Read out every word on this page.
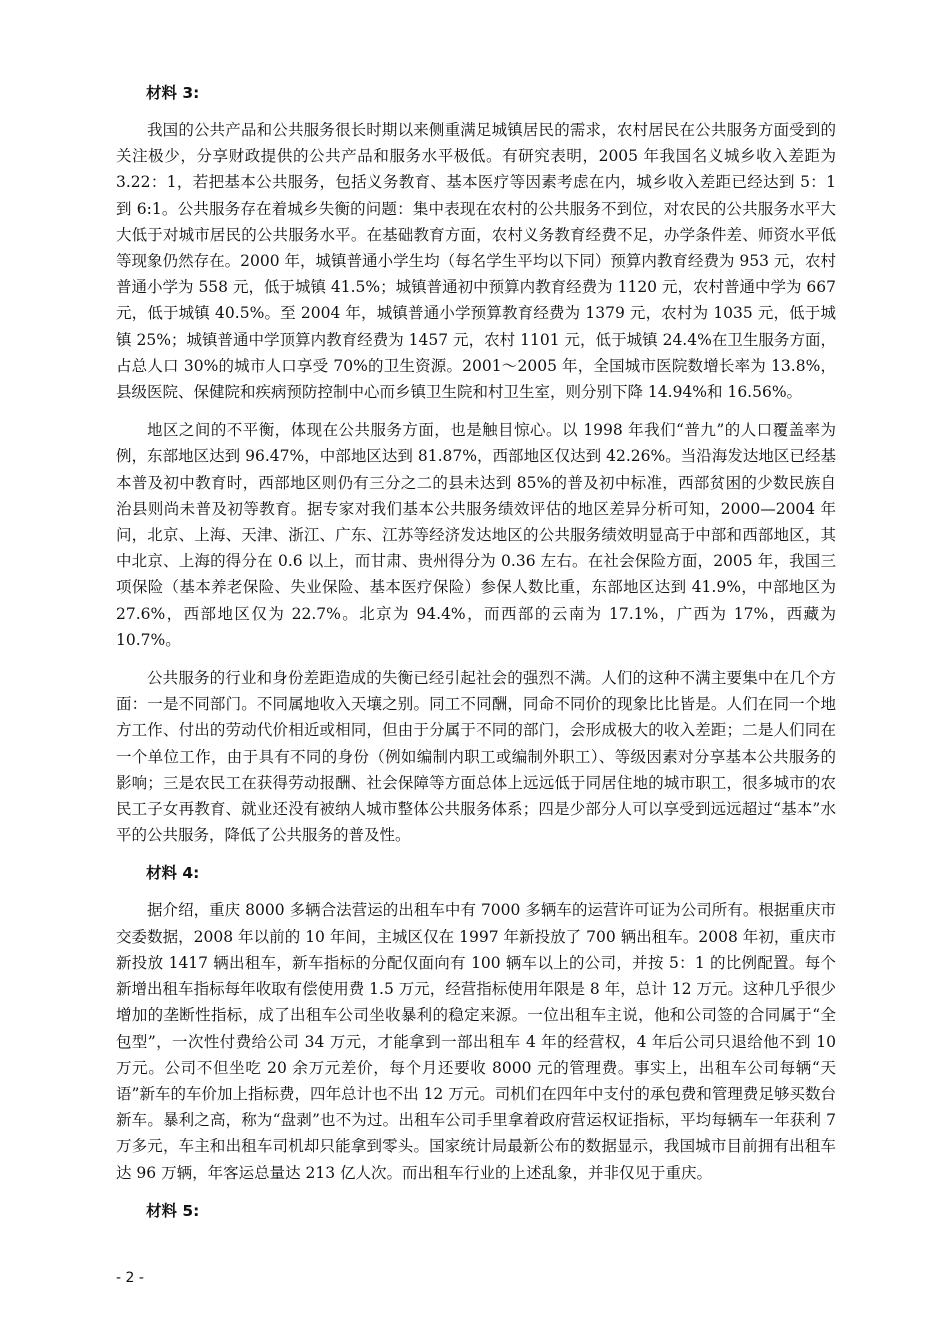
材料 3:

我国的公共产品和公共服务很长时期以来侧重满足城镇居民的需求，农村居民在公共服务方面受到的关注极少，分享财政提供的公共产品和服务水平极低。有研究表明，2005 年我国名义城乡收入差距为 3.22：1，若把基本公共服务，包括义务教育、基本医疗等因素考虑在内，城乡收入差距已经达到 5：1 到 6:1。公共服务存在着城乡失衡的问题：集中表现在农村的公共服务不到位，对农民的公共服务水平大大低于对城市居民的公共服务水平。在基础教育方面，农村义务教育经费不足，办学条件差、师资水平低等现象仍然存在。2000 年，城镇普通小学生均（每名学生平均以下同）预算内教育经费为 953 元，农村普通小学为 558 元，低于城镇 41.5%；城镇普通初中预算内教育经费为 1120 元，农村普通中学为 667 元，低于城镇 40.5%。至 2004 年，城镇普通小学预算教育经费为 1379 元，农村为 1035 元，低于城镇 25%；城镇普通中学顶算内教育经费为 1457 元，农村 1101 元，低于城镇 24.4%在卫生服务方面，占总人口 30%的城市人口享受 70%的卫生资源。2001～2005 年，全国城市医院数增长率为 13.8%，县级医院、保健院和疾病预防控制中心而乡镇卫生院和村卫生室，则分别下降 14.94%和 16.56%。

地区之间的不平衡，体现在公共服务方面，也是触目惊心。以 1998 年我们“普九”的人口覆盖率为例，东部地区达到 96.47%，中部地区达到 81.87%，西部地区仅达到 42.26%。当沿海发达地区已经基本普及初中教育时，西部地区则仍有三分之二的县未达到 85%的普及初中标准，西部贫困的少数民族自治县则尚未普及初等教育。据专家对我们基本公共服务绩效评估的地区差异分析可知，2000—2004 年问，北京、上海、天津、浙江、广东、江苏等经济发达地区的公共服务绩效明显高于中部和西部地区，其中北京、上海的得分在 0.6 以上，而甘肃、贵州得分为 0.36 左右。在社会保险方面，2005 年，我国三项保险（基本养老保险、失业保险、基本医疗保险）参保人数比重，东部地区达到 41.9%，中部地区为 27.6%，西部地区仅为 22.7%。北京为 94.4%，而西部的云南为 17.1%，广西为 17%，西藏为 10.7%。

公共服务的行业和身份差距造成的失衡已经引起社会的强烈不满。人们的这种不满主要集中在几个方面：一是不同部门。不同属地收入天壤之别。同工不同酬，同命不同价的现象比比皆是。人们在同一个地方工作、付出的劳动代价相近或相同，但由于分属于不同的部门，会形成极大的收入差距；二是人们同在一个单位工作，由于具有不同的身份（例如编制内职工或编制外职工）、等级因素对分享基本公共服务的影响；三是农民工在获得劳动报酬、社会保障等方面总体上远远低于同居住地的城市职工，很多城市的农民工子女再教育、就业还没有被纳人城市整体公共服务体系；四是少部分人可以享受到远远超过“基本”水平的公共服务，降低了公共服务的普及性。

材料 4:

据介绍，重庆 8000 多辆合法营运的出租车中有 7000 多辆车的运营许可证为公司所有。根据重庆市交委数据，2008 年以前的 10 年间，主城区仅在 1997 年新投放了 700 辆出租车。2008 年初，重庆市新投放 1417 辆出租车，新车指标的分配仅面向有 100 辆车以上的公司，并按 5：1 的比例配置。每个新增出租车指标每年收取有偿使用费 1.5 万元，经营指标使用年限是 8 年，总计 12 万元。这种几乎很少增加的垄断性指标，成了出租车公司坐收暴利的稳定来源。一位出租车主说，他和公司签的合同属于“全包型”，一次性付费给公司 34 万元，才能拿到一部出租车 4 年的经营权，4 年后公司只退给他不到 10 万元。公司不但坐吃 20 余万元差价，每个月还要收 8000 元的管理费。事实上，出租车公司每辆“天语”新车的车价加上指标费，四年总计也不出 12 万元。司机们在四年中支付的承包费和管理费足够买数台新车。暴利之高，称为“盘剥”也不为过。出租车公司手里拿着政府营运权证指标，平均每辆车一年获利 7 万多元，车主和出租车司机却只能拿到零头。国家统计局最新公布的数据显示，我国城市目前拥有出租车达 96 万辆，年客运总量达 213 亿人次。而出租车行业的上述乱象，并非仅见于重庆。

材料 5:
- 2 -
